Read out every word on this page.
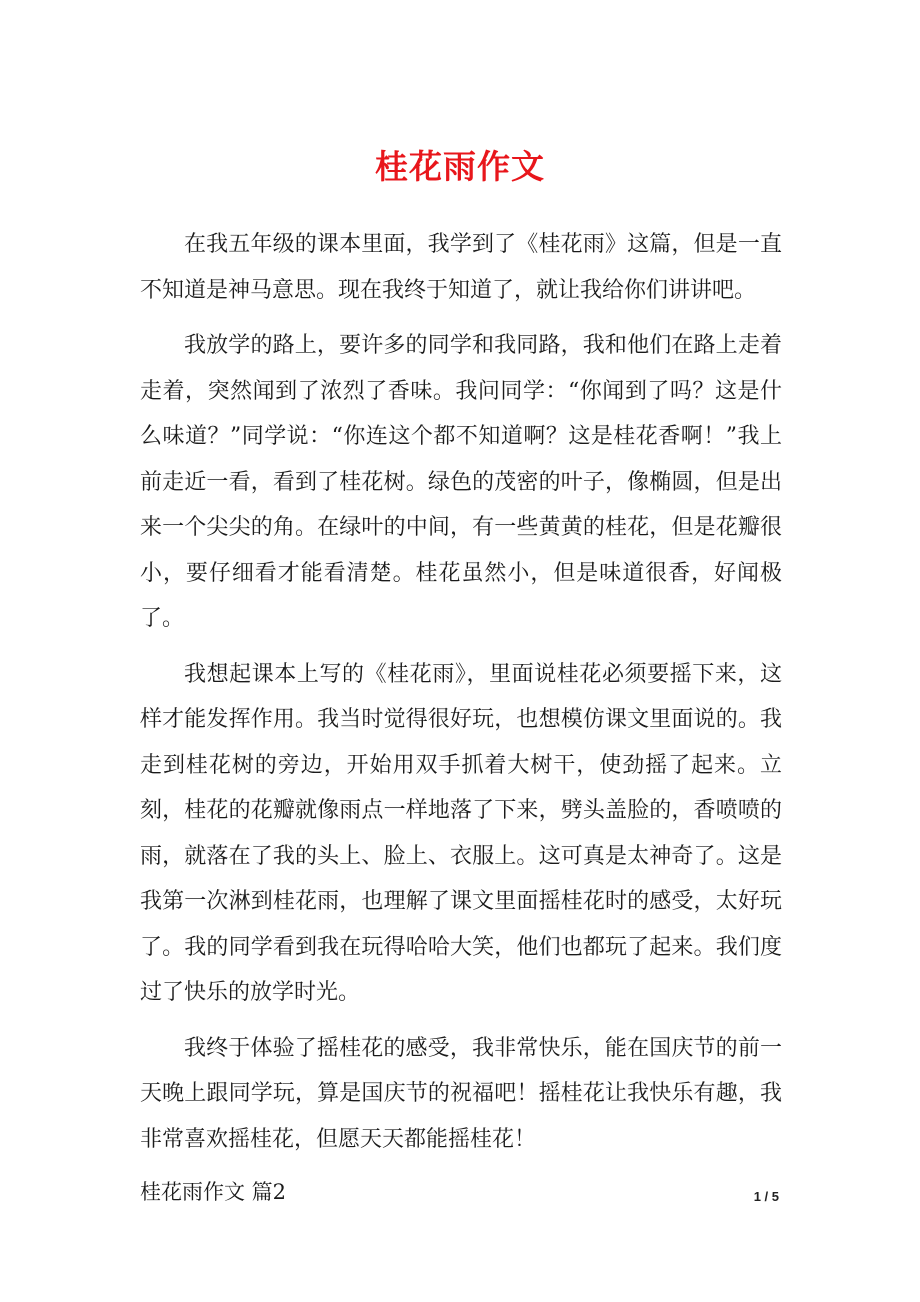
桂花雨作文

在我五年级的课本里面，我学到了《桂花雨》这篇，但是一直不知道是神马意思。现在我终于知道了，就让我给你们讲讲吧。

我放学的路上，要许多的同学和我同路，我和他们在路上走着走着，突然闻到了浓烈了香味。我问同学：“你闻到了吗？这是什么味道？”同学说：“你连这个都不知道啊？这是桂花香啊！”我上前走近一看，看到了桂花树。绿色的茂密的叶子，像椭圆，但是出来一个尖尖的角。在绿叶的中间，有一些黄黄的桂花，但是花瓣很小，要仔细看才能看清楚。桂花虽然小，但是味道很香，好闻极了。

我想起课本上写的《桂花雨》，里面说桂花必须要摇下来，这样才能发挥作用。我当时觉得很好玩，也想模仿课文里面说的。我走到桂花树的旁边，开始用双手抓着大树干，使劲摇了起来。立刻，桂花的花瓣就像雨点一样地落了下来，劈头盖脸的，香喷喷的雨，就落在了我的头上、脸上、衣服上。这可真是太神奇了。这是我第一次淋到桂花雨，也理解了课文里面摇桂花时的感受，太好玩了。我的同学看到我在玩得哈哈大笑，他们也都玩了起来。我们度过了快乐的放学时光。

我终于体验了摇桂花的感受，我非常快乐，能在国庆节的前一天晚上跟同学玩，算是国庆节的祝福吧！摇桂花让我快乐有趣，我非常喜欢摇桂花，但愿天天都能摇桂花！

桂花雨作文 篇2	1 / 5
